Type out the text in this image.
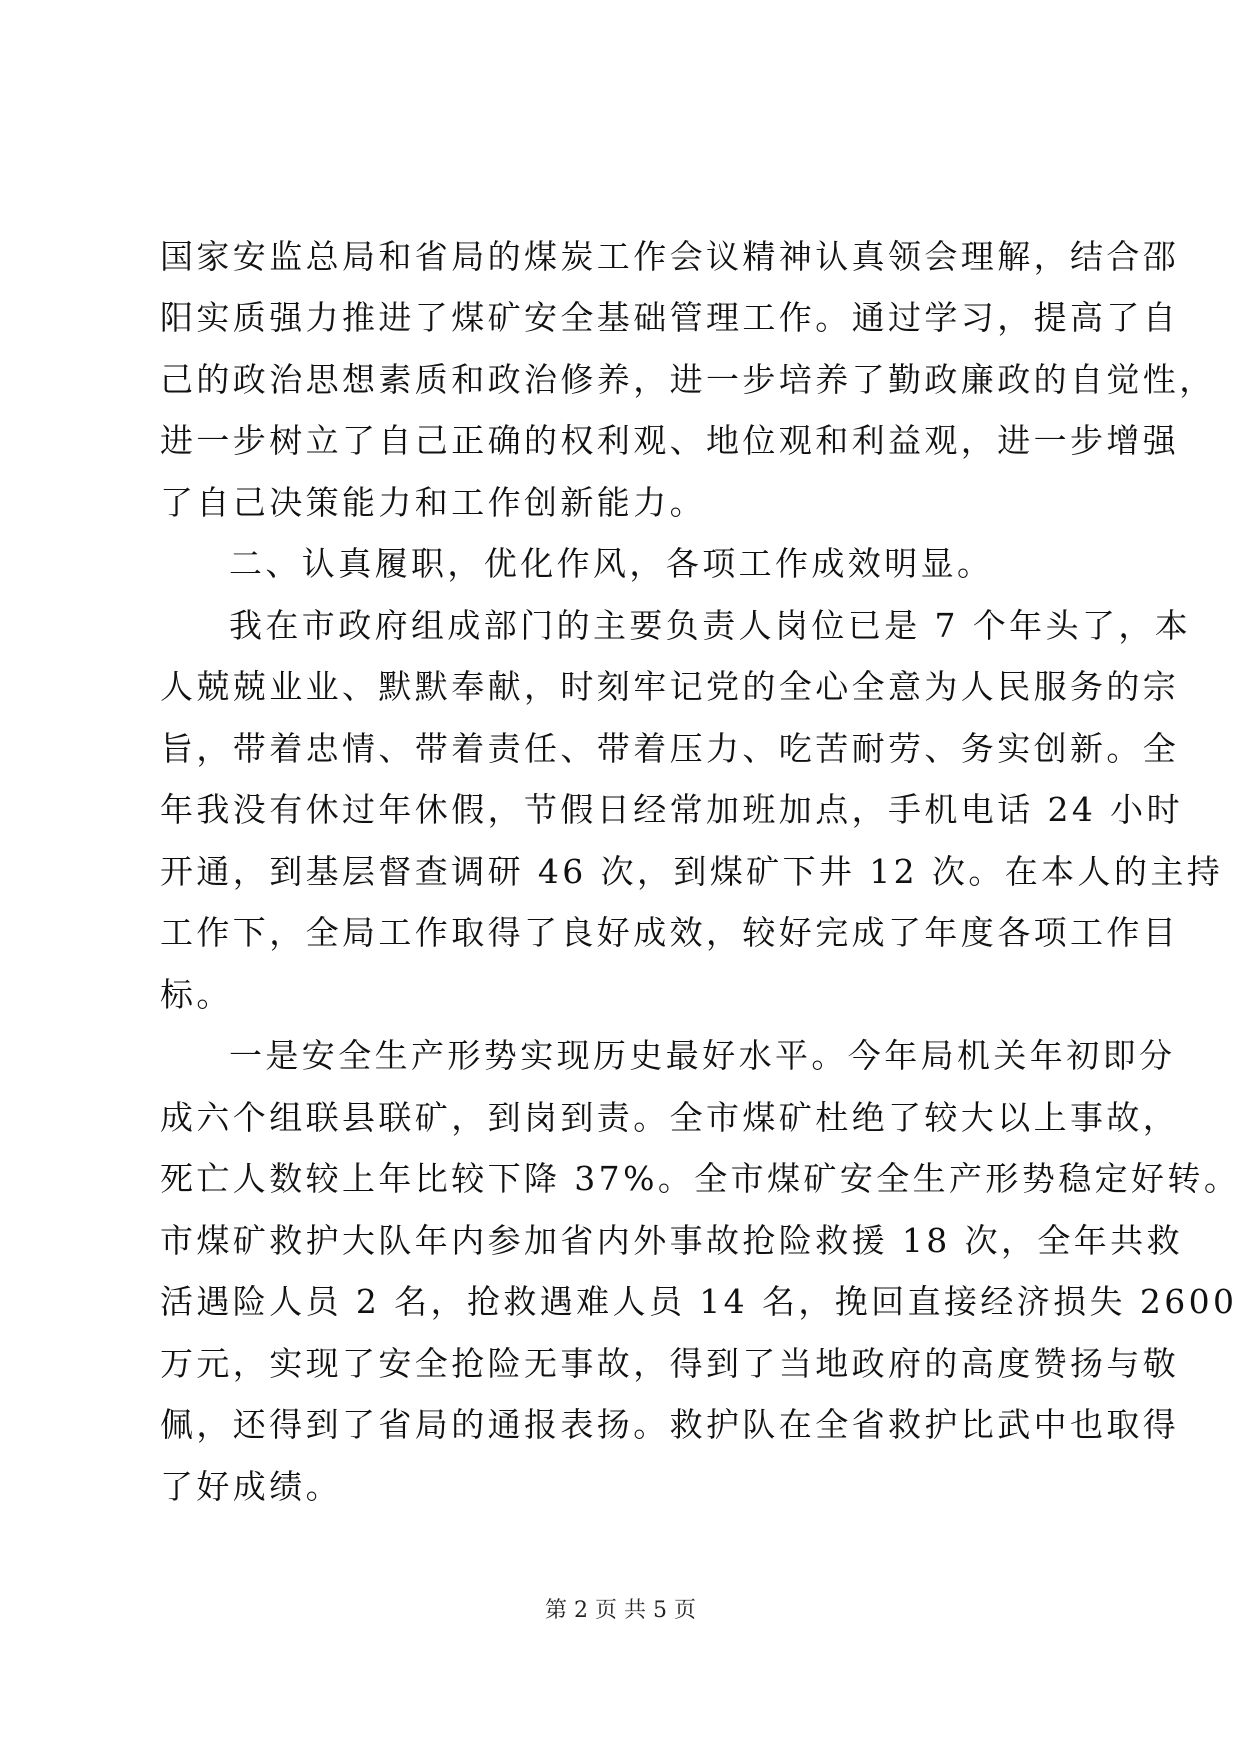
国家安监总局和省局的煤炭工作会议精神认真领会理解，结合邵
阳实质强力推进了煤矿安全基础管理工作。通过学习，提高了自
己的政治思想素质和政治修养，进一步培养了勤政廉政的自觉性，
进一步树立了自己正确的权利观、地位观和利益观，进一步增强
了自己决策能力和工作创新能力。
二、认真履职，优化作风，各项工作成效明显。
我在市政府组成部门的主要负责人岗位已是 7 个年头了，本
人兢兢业业、默默奉献，时刻牢记党的全心全意为人民服务的宗
旨，带着忠情、带着责任、带着压力、吃苦耐劳、务实创新。全
年我没有休过年休假，节假日经常加班加点，手机电话 24 小时
开通，到基层督查调研 46 次，到煤矿下井 12 次。在本人的主持
工作下，全局工作取得了良好成效，较好完成了年度各项工作目
标。
一是安全生产形势实现历史最好水平。今年局机关年初即分
成六个组联县联矿，到岗到责。全市煤矿杜绝了较大以上事故，
死亡人数较上年比较下降 37%。全市煤矿安全生产形势稳定好转。
市煤矿救护大队年内参加省内外事故抢险救援 18 次，全年共救
活遇险人员 2 名，抢救遇难人员 14 名，挽回直接经济损失 2600
万元，实现了安全抢险无事故，得到了当地政府的高度赞扬与敬
佩，还得到了省局的通报表扬。救护队在全省救护比武中也取得
了好成绩。
第 2 页 共 5 页
